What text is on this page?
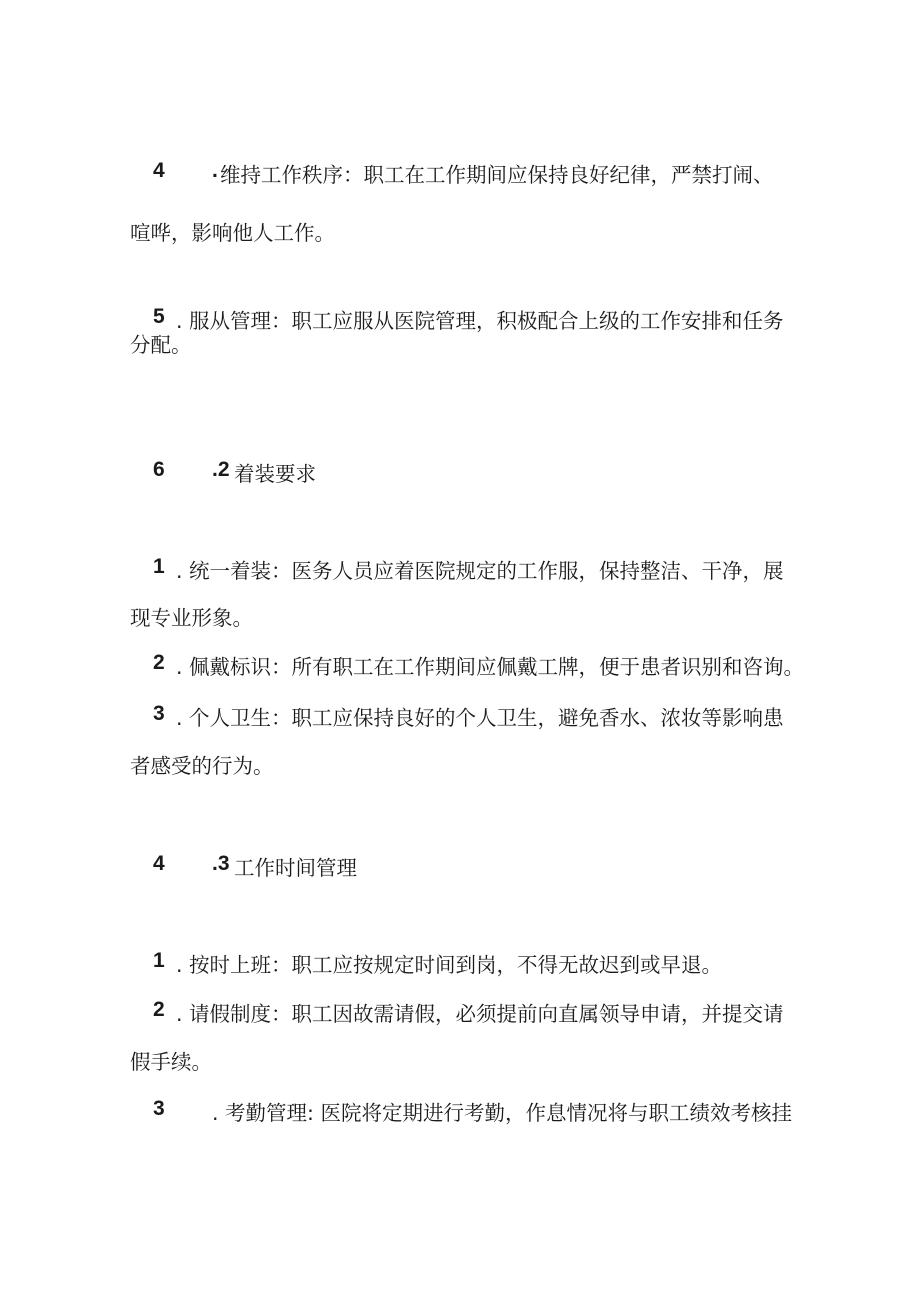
4 . 维持工作秩序：职工在工作期间应保持良好纪律，严禁打闹、
喧哗，影响他人工作。
5 . 服从管理：职工应服从医院管理，积极配合上级的工作安排和任务
分配。
6 .2 着装要求
1 . 统一着装：医务人员应着医院规定的工作服，保持整洁、干净，展
现专业形象。
2 . 佩戴标识：所有职工在工作期间应佩戴工牌，便于患者识别和咨询。
3 . 个人卫生：职工应保持良好的个人卫生，避免香水、浓妆等影响患
者感受的行为。
4 .3 工作时间管理
1 . 按时上班：职工应按规定时间到岗，不得无故迟到或早退。
2 . 请假制度：职工因故需请假，必须提前向直属领导申请，并提交请
假手续。
3 . 考勤管理: 医院将定期进行考勤，作息情况将与职工绩效考核挂
